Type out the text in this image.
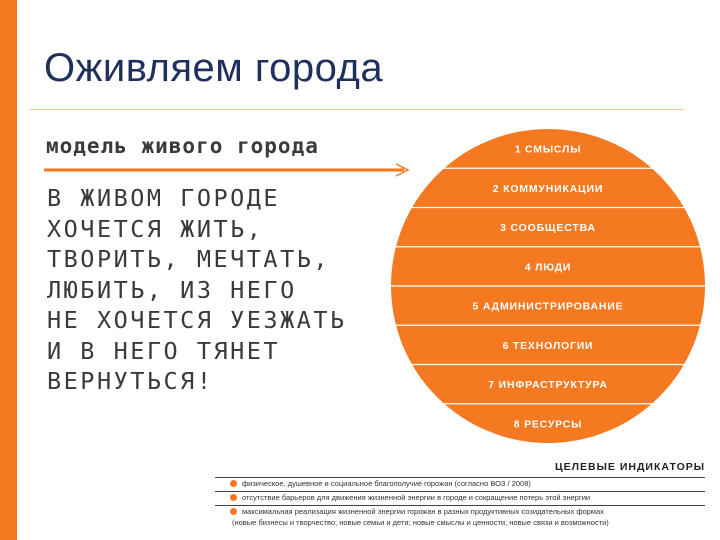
Оживляем города
модель живого города

В ЖИВОМ ГОРОДЕ
ХОЧЕТСЯ ЖИТЬ,
ТВОРИТЬ, МЕЧТАТЬ,
ЛЮБИТЬ, ИЗ НЕГО
НЕ ХОЧЕТСЯ УЕЗЖАТЬ
И В НЕГО ТЯНЕТ
ВЕРНУТЬСЯ!

1 СМЫСЛЫ
2 КОММУНИКАЦИИ
3 СООБЩЕСТВА
4 ЛЮДИ
5 АДМИНИСТРИРОВАНИЕ
6 ТЕХНОЛОГИИ
7 ИНФРАСТРУКТУРА
8 РЕСУРСЫ

ЦЕЛЕВЫЕ ИНДИКАТОРЫ

физическое, душевное и социальное благополучие горожан (согласно ВОЗ / 2008)
отсутствие барьеров для движения жизненной энергии в городе и сокращение потерь этой энергии
максимальная реализация жизненной энергии горожан в разных продуктивных созидательных формах
(новые бизнесы и творчество; новые семьи и дети; новые смыслы и ценности; новые связи и возможности)
